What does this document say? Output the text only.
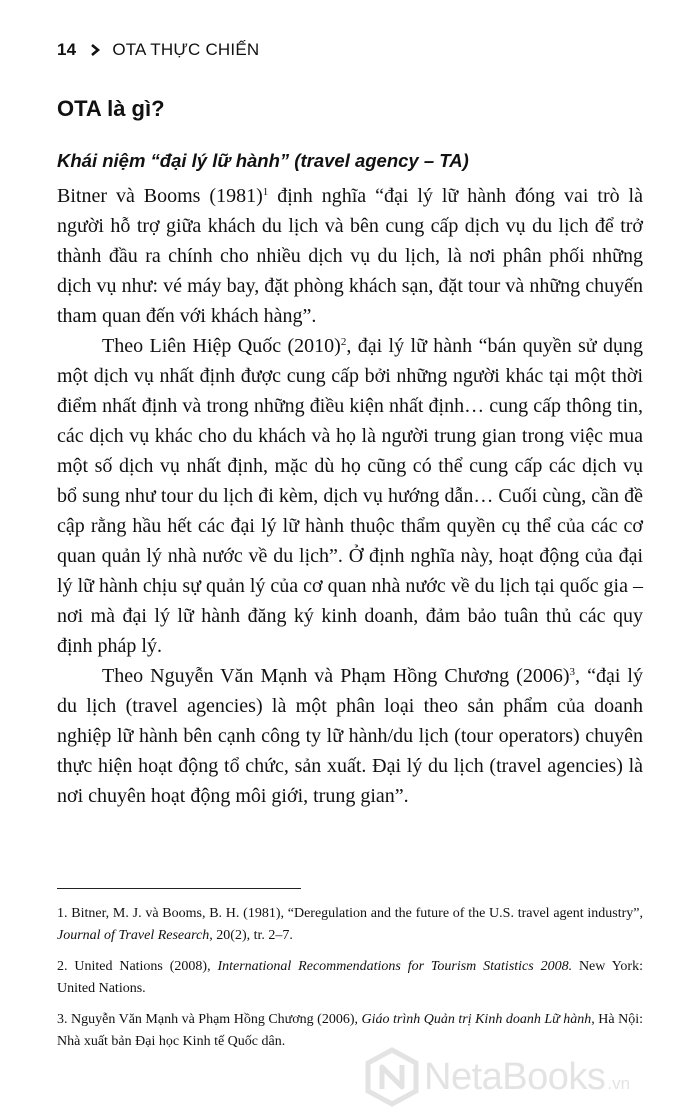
14 OTA THỰC CHIẾN
OTA là gì?
Khái niệm “đại lý lữ hành” (travel agency – TA)

Bitner và Booms $(1981)^1$ định nghĩa “đại lý lữ hành đóng vai trò là người hỗ trợ giữa khách du lịch và bên cung cấp dịch vụ du lịch để trở thành đầu ra chính cho nhiều dịch vụ du lịch, là nơi phân phối những dịch vụ như: vé máy bay, đặt phòng khách sạn, đặt tour và những chuyến tham quan đến với khách hàng”.

Theo Liên Hiệp Quốc $(2010)^2$, đại lý lữ hành “bán quyền sử dụng một dịch vụ nhất định được cung cấp bởi những người khác tại một thời điểm nhất định và trong những điều kiện nhất định… cung cấp thông tin, các dịch vụ khác cho du khách và họ là người trung gian trong việc mua một số dịch vụ nhất định, mặc dù họ cũng có thể cung cấp các dịch vụ bổ sung như tour du lịch đi kèm, dịch vụ hướng dẫn… Cuối cùng, cần đề cập rằng hầu hết các đại lý lữ hành thuộc thẩm quyền cụ thể của các cơ quan quản lý nhà nước về du lịch”. Ở định nghĩa này, hoạt động của đại lý lữ hành chịu sự quản lý của cơ quan nhà nước về du lịch tại quốc gia – nơi mà đại lý lữ hành đăng ký kinh doanh, đảm bảo tuân thủ các quy định pháp lý.

Theo Nguyễn Văn Mạnh và Phạm Hồng Chương $(2006)^3$, “đại lý du lịch (travel agencies) là một phân loại theo sản phẩm của doanh nghiệp lữ hành bên cạnh công ty lữ hành/du lịch (tour operators) chuyên thực hiện hoạt động tổ chức, sản xuất. Đại lý du lịch (travel agencies) là nơi chuyên hoạt động môi giới, trung gian”.

1. Bitner, M. J. và Booms, B. H. (1981), “Deregulation and the future of the U.S. travel agent industry”, Journal of Travel Research, 20(2), tr. 2–7.

2. United Nations (2008), International Recommendations for Tourism Statistics 2008. New York: United Nations.

3. Nguyễn Văn Mạnh và Phạm Hồng Chương (2006), Giáo trình Quản trị Kinh doanh Lữ hành, Hà Nội: Nhà xuất bản Đại học Kinh tế Quốc dân.

NetaBooks .vn
